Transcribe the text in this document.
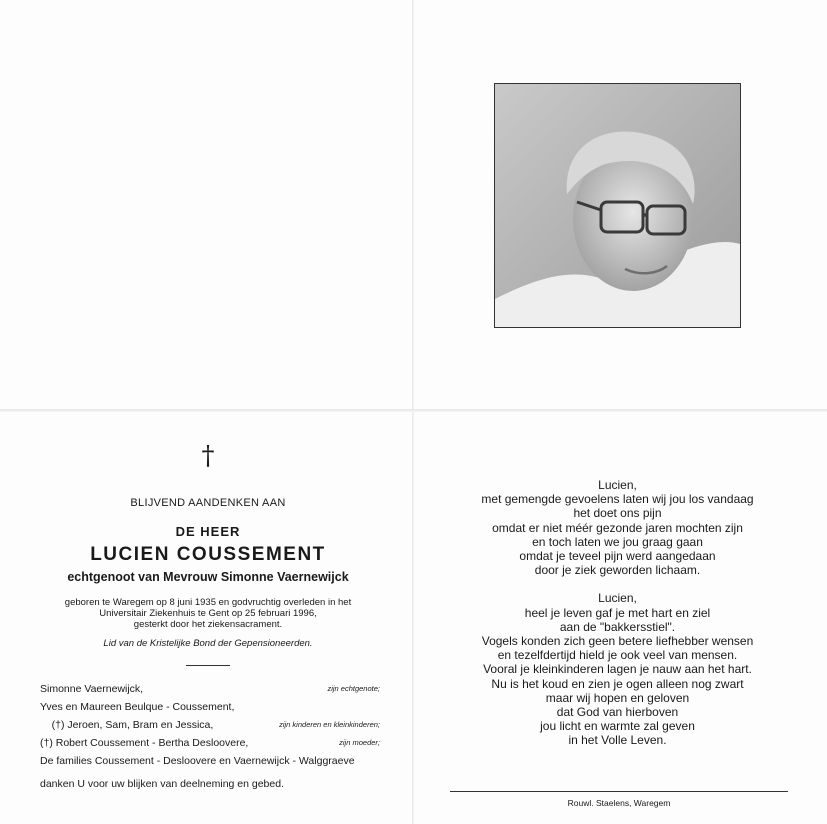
†
BLIJVEND AANDENKEN AAN
DE HEER
LUCIEN COUSSEMENT
echtgenoot van Mevrouw Simonne Vaernewijck
geboren te Waregem op 8 juni 1935 en godvruchtig overleden in het
Universitair Ziekenhuis te Gent op 25 februari 1996,
gesterkt door het ziekensacrament.
Lid van de Kristelijke Bond der Gepensioneerden.
Simonne Vaernewijck,	zijn echtgenote;
Yves en Maureen Beulque - Coussement,
(†) Jeroen, Sam, Bram en Jessica,	zijn kinderen en kleinkinderen;
(†) Robert Coussement - Bertha Desloovere,	zijn moeder;
De families Coussement - Desloovere en Vaernewijck - Walggraeve
danken U voor uw blijken van deelneming en gebed.
Lucien,
met gemengde gevoelens laten wij jou los vandaag
het doet ons pijn
omdat er niet méér gezonde jaren mochten zijn
en toch laten we jou graag gaan
omdat je teveel pijn werd aangedaan
door je ziek geworden lichaam.
Lucien,
heel je leven gaf je met hart en ziel
aan de "bakkersstiel".
Vogels konden zich geen betere liefhebber wensen
en tezelfdertijd hield je ook veel van mensen.
Vooral je kleinkinderen lagen je nauw aan het hart.
Nu is het koud en zien je ogen alleen nog zwart
maar wij hopen en geloven
dat God van hierboven
jou licht en warmte zal geven
in het Volle Leven.
Rouwl. Staelens, Waregem
